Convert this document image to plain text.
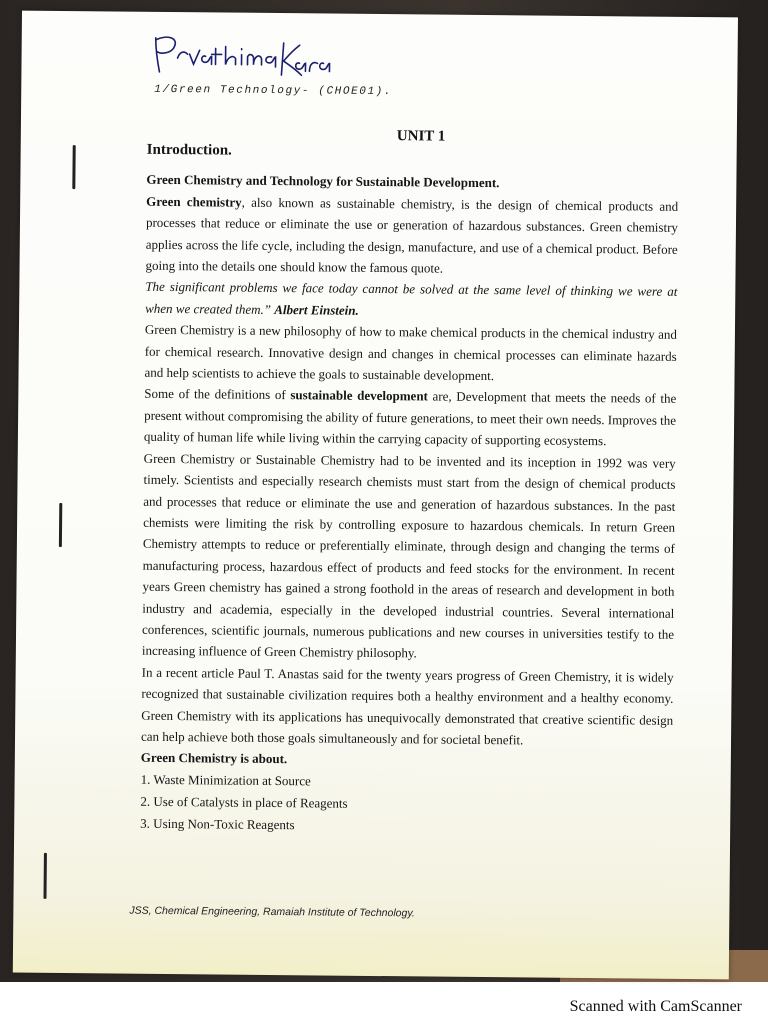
1/Green Technology- (CHOE01).
UNIT 1

Introduction.

Green Chemistry and Technology for Sustainable Development.

Green chemistry, also known as sustainable chemistry, is the design of chemical products and processes that reduce or eliminate the use or generation of hazardous substances. Green chemistry applies across the life cycle, including the design, manufacture, and use of a chemical product. Before going into the details one should know the famous quote.

The significant problems we face today cannot be solved at the same level of thinking we were at when we created them.” Albert Einstein.

Green Chemistry is a new philosophy of how to make chemical products in the chemical industry and for chemical research. Innovative design and changes in chemical processes can eliminate hazards and help scientists to achieve the goals to sustainable development.

Some of the definitions of sustainable development are, Development that meets the needs of the present without compromising the ability of future generations, to meet their own needs. Improves the quality of human life while living within the carrying capacity of supporting ecosystems.

Green Chemistry or Sustainable Chemistry had to be invented and its inception in 1992 was very timely. Scientists and especially research chemists must start from the design of chemical products and processes that reduce or eliminate the use and generation of hazardous substances. In the past chemists were limiting the risk by controlling exposure to hazardous chemicals. In return Green Chemistry attempts to reduce or preferentially eliminate, through design and changing the terms of manufacturing process, hazardous effect of products and feed stocks for the environment. In recent years Green chemistry has gained a strong foothold in the areas of research and development in both industry and academia, especially in the developed industrial countries. Several international conferences, scientific journals, numerous publications and new courses in universities testify to the increasing influence of Green Chemistry philosophy.

In a recent article Paul T. Anastas said for the twenty years progress of Green Chemistry, it is widely recognized that sustainable civilization requires both a healthy environment and a healthy economy. Green Chemistry with its applications has unequivocally demonstrated that creative scientific design can help achieve both those goals simultaneously and for societal benefit.

Green Chemistry is about.

1. Waste Minimization at Source
2. Use of Catalysts in place of Reagents
3. Using Non-Toxic Reagents
JSS, Chemical Engineering, Ramaiah Institute of Technology.
Scanned with CamScanner
